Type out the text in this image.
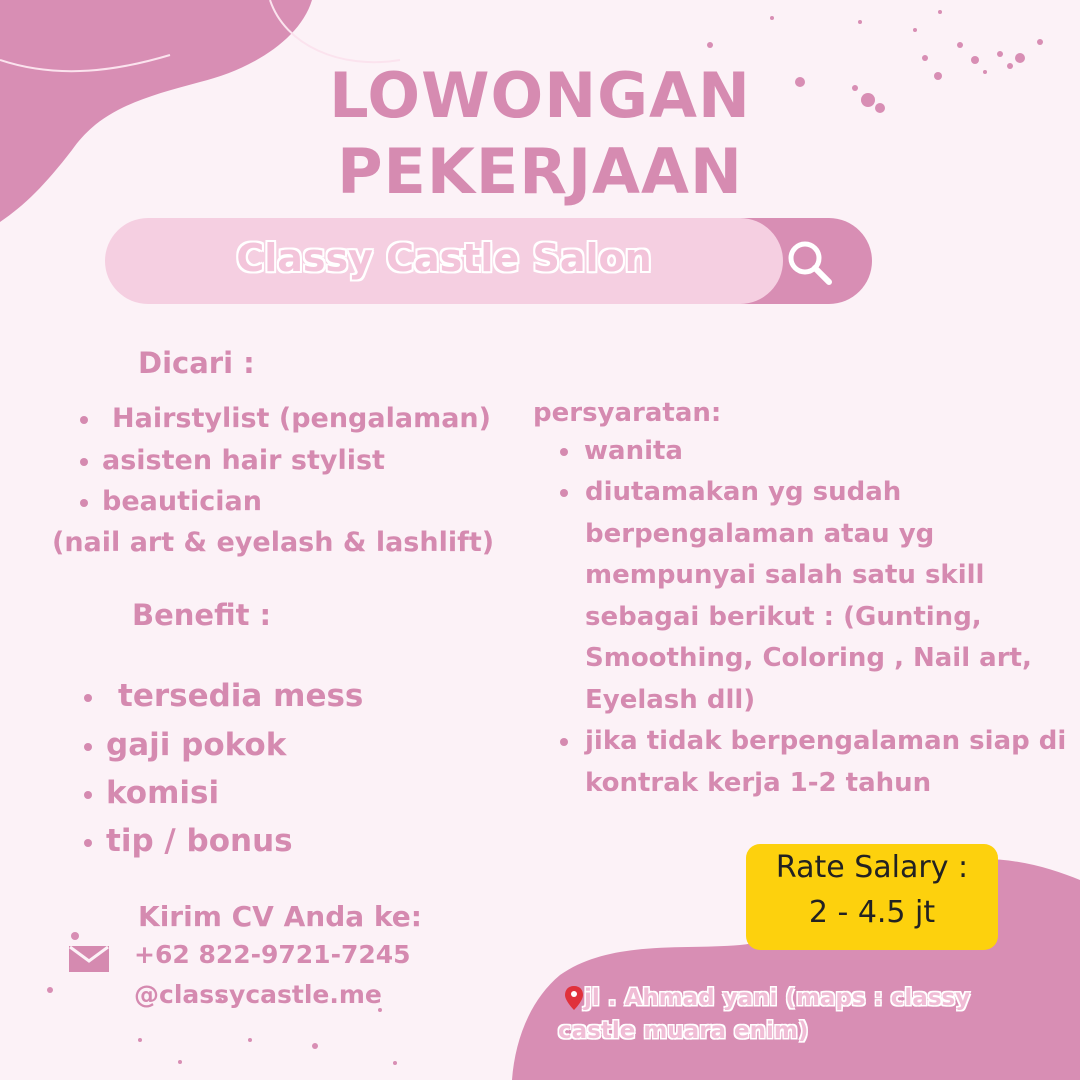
LOWONGAN
PEKERJAAN
Classy Castle Salon
Dicari :
Hairstylist (pengalaman)
asisten hair stylist
beautician
(nail art & eyelash & lashlift)
Benefit :
tersedia mess
gaji pokok
komisi
tip / bonus
persyaratan:
wanita
diutamakan yg sudah
berpengalaman atau yg
mempunyai salah satu skill
sebagai berikut : (Gunting,
Smoothing, Coloring , Nail art,
Eyelash dll)
jika tidak berpengalaman siap di
kontrak kerja 1-2 tahun
Rate Salary :
2 - 4.5 jt
Kirim CV Anda ke:
+62 822-9721-7245
@classycastle.me	jl . Ahmad yani (maps : classy castle muara enim)
